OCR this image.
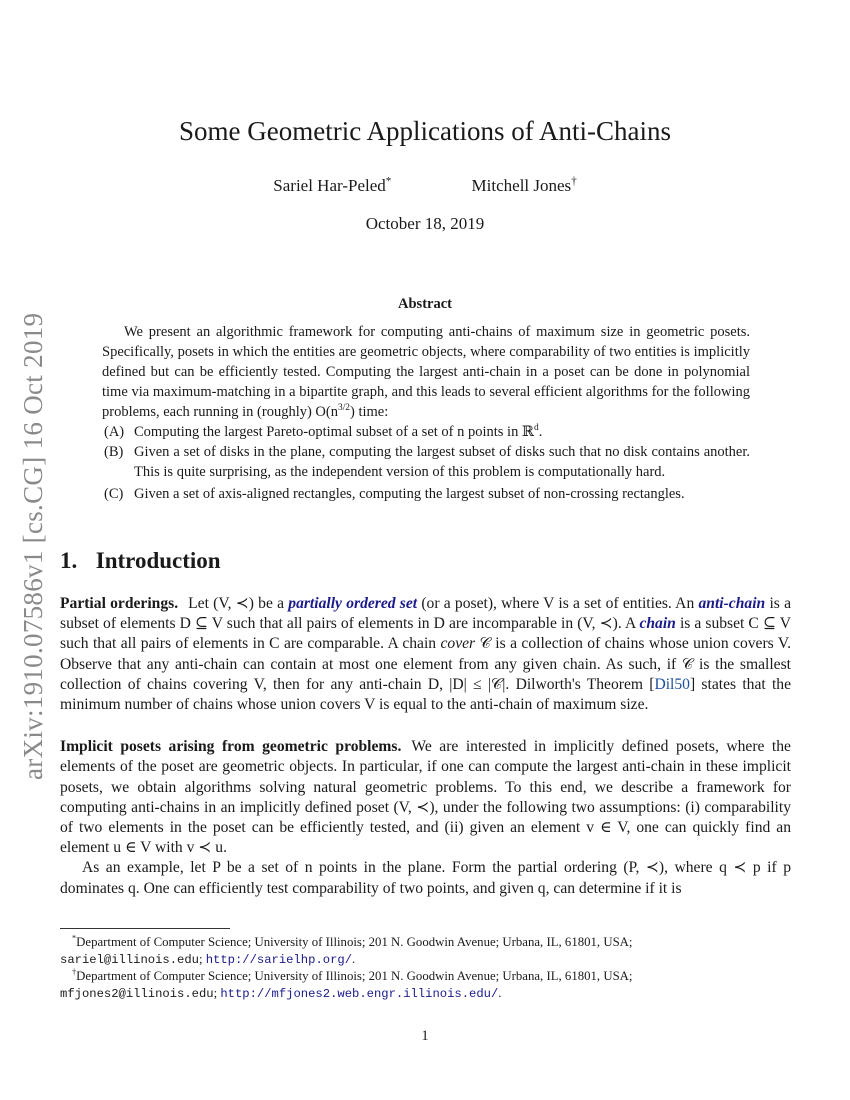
arXiv:1910.07586v1 [cs.CG] 16 Oct 2019
Some Geometric Applications of Anti-Chains
Sariel Har-Peled*	Mitchell Jones†
October 18, 2019
Abstract

We present an algorithmic framework for computing anti-chains of maximum size in geometric posets. Specifically, posets in which the entities are geometric objects, where comparability of two entities is implicitly defined but can be efficiently tested. Computing the largest anti-chain in a poset can be done in polynomial time via maximum-matching in a bipartite graph, and this leads to several efficient algorithms for the following problems, each running in (roughly) $O(n^{3/2})$ time:

(A) Computing the largest Pareto-optimal subset of a set of n points in ℝ$^d$.
(B) Given a set of disks in the plane, computing the largest subset of disks such that no disk contains another. This is quite surprising, as the independent version of this problem is computationally hard.
(C) Given a set of axis-aligned rectangles, computing the largest subset of non-crossing rectangles.
1. Introduction

Partial orderings. Let (V, ≺) be a partially ordered set (or a poset), where V is a set of entities. An anti-chain is a subset of elements D ⊆ V such that all pairs of elements in D are incomparable in (V, ≺). A chain is a subset C ⊆ V such that all pairs of elements in C are comparable. A chain cover 𝒞 is a collection of chains whose union covers V. Observe that any anti-chain can contain at most one element from any given chain. As such, if 𝒞 is the smallest collection of chains covering V, then for any anti-chain D, |D| ≤ |𝒞|. Dilworth's Theorem [Dil50] states that the minimum number of chains whose union covers V is equal to the anti-chain of maximum size.

Implicit posets arising from geometric problems. We are interested in implicitly defined posets, where the elements of the poset are geometric objects. In particular, if one can compute the largest anti-chain in these implicit posets, we obtain algorithms solving natural geometric problems. To this end, we describe a framework for computing anti-chains in an implicitly defined poset (V, ≺), under the following two assumptions: (i) comparability of two elements in the poset can be efficiently tested, and (ii) given an element v ∈ V, one can quickly find an element u ∈ V with v ≺ u.

As an example, let P be a set of n points in the plane. Form the partial ordering (P, ≺), where q ≺ p if p dominates q. One can efficiently test comparability of two points, and given q, can determine if it is

*Department of Computer Science; University of Illinois; 201 N. Goodwin Avenue; Urbana, IL, 61801, USA;
sariel@illinois.edu; http://sarielhp.org/.
†Department of Computer Science; University of Illinois; 201 N. Goodwin Avenue; Urbana, IL, 61801, USA;
mfjones2@illinois.edu; http://mfjones2.web.engr.illinois.edu/.
1
